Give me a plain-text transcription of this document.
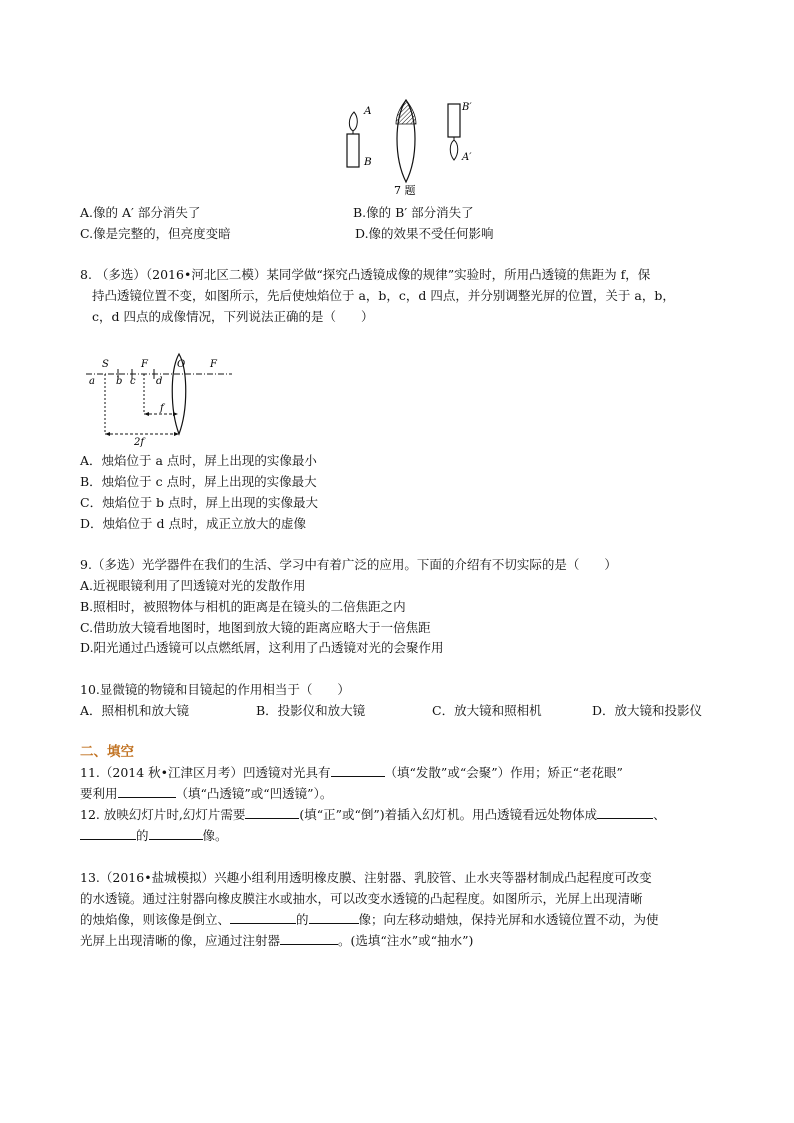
A
B
B′
A′
7 题
A.像的 A′ 部分消失了	B.像的 B′ 部分消失了
C.像是完整的，但亮度变暗	D.像的效果不受任何影响
8. （多选）（2016•河北区二模）某同学做“探究凸透镜成像的规律”实验时，所用凸透镜的焦距为 f，保
持凸透镜位置不变，如图所示，先后使烛焰位于 a，b，c，d 四点，并分别调整光屏的位置，关于 a，b，
c，d 四点的成像情况，下列说法正确的是（　　）
S	F	O F
a b c d
f
2f
A．烛焰位于 a 点时，屏上出现的实像最小
B．烛焰位于 c 点时，屏上出现的实像最大
C．烛焰位于 b 点时，屏上出现的实像最大
D．烛焰位于 d 点时，成正立放大的虚像
9.（多选）光学器件在我们的生活、学习中有着广泛的应用。下面的介绍有不切实际的是（　　）
A.近视眼镜利用了凹透镜对光的发散作用
B.照相时，被照物体与相机的距离是在镜头的二倍焦距之内
C.借助放大镜看地图时，地图到放大镜的距离应略大于一倍焦距
D.阳光通过凸透镜可以点燃纸屑，这利用了凸透镜对光的会聚作用
10.显微镜的物镜和目镜起的作用相当于（　　）
A．照相机和放大镜	B．投影仪和放大镜	C．放大镜和照相机	D．放大镜和投影仪
二、填空
11.（2014 秋•江津区月考）凹透镜对光具有	（填“发散”或“会聚”）作用；矫正“老花眼”
要利用	（填“凸透镜”或“凹透镜”）。
12. 放映幻灯片时,幻灯片需要	(填“正”或“倒”)着插入幻灯机。用凸透镜看远处物体成	、
的	像。
13.（2016•盐城模拟）兴趣小组利用透明橡皮膜、注射器、乳胶管、止水夹等器材制成凸起程度可改变
的水透镜。通过注射器向橡皮膜注水或抽水，可以改变水透镜的凸起程度。如图所示，光屏上出现清晰
的烛焰像，则该像是倒立、	的	像；向左移动蜡烛，保持光屏和水透镜位置不动，为使
光屏上出现清晰的像，应通过注射器	。(选填“注水”或“抽水”)
